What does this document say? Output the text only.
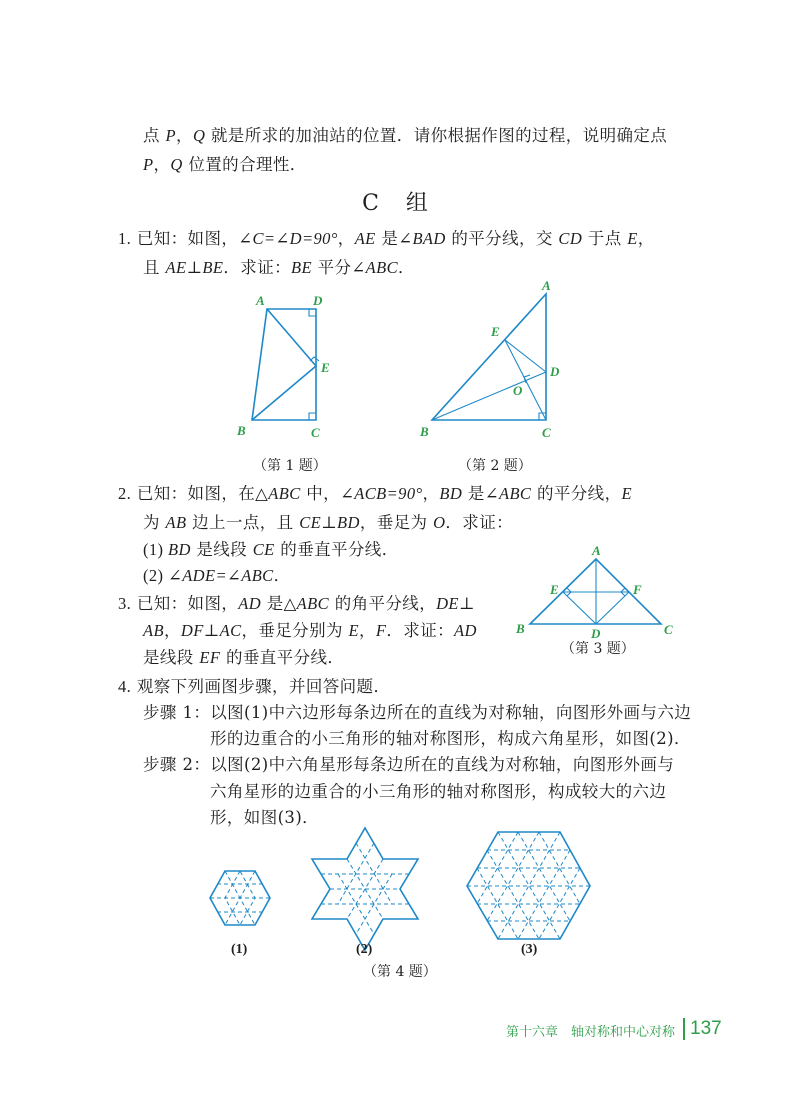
点 P，Q 就是所求的加油站的位置．请你根据作图的过程，说明确定点
P，Q 位置的合理性．
C 组
1. 已知：如图，∠C=∠D=90°，AE 是∠BAD 的平分线，交 CD 于点 E，
且 AE⊥BE．求证：BE 平分∠ABC．
A	D
E
B	C
（第 1 题）
A
E
D
O
B	C
（第 2 题）
2. 已知：如图，在△ABC 中，∠ACB=90°，BD 是∠ABC 的平分线，E
为 AB 边上一点，且 CE⊥BD，垂足为 O．求证：
(1) BD 是线段 CE 的垂直平分线．
(2) ∠ADE=∠ABC．
3. 已知：如图，AD 是△ABC 的角平分线，DE⊥
AB，DF⊥AC，垂足分别为 E，F．求证：AD
是线段 EF 的垂直平分线．
A
E	F
B	D	C
（第 3 题）
4. 观察下列画图步骤，并回答问题．
步骤 1：以图(1)中六边形每条边所在的直线为对称轴，向图形外画与六边
形的边重合的小三角形的轴对称图形，构成六角星形，如图(2)．
步骤 2：以图(2)中六角星形每条边所在的直线为对称轴，向图形外画与
六角星形的边重合的小三角形的轴对称图形，构成较大的六边
形，如图(3)．
(1)	(2)	(3)
（第 4 题）
第十六章　轴对称和中心对称 137
